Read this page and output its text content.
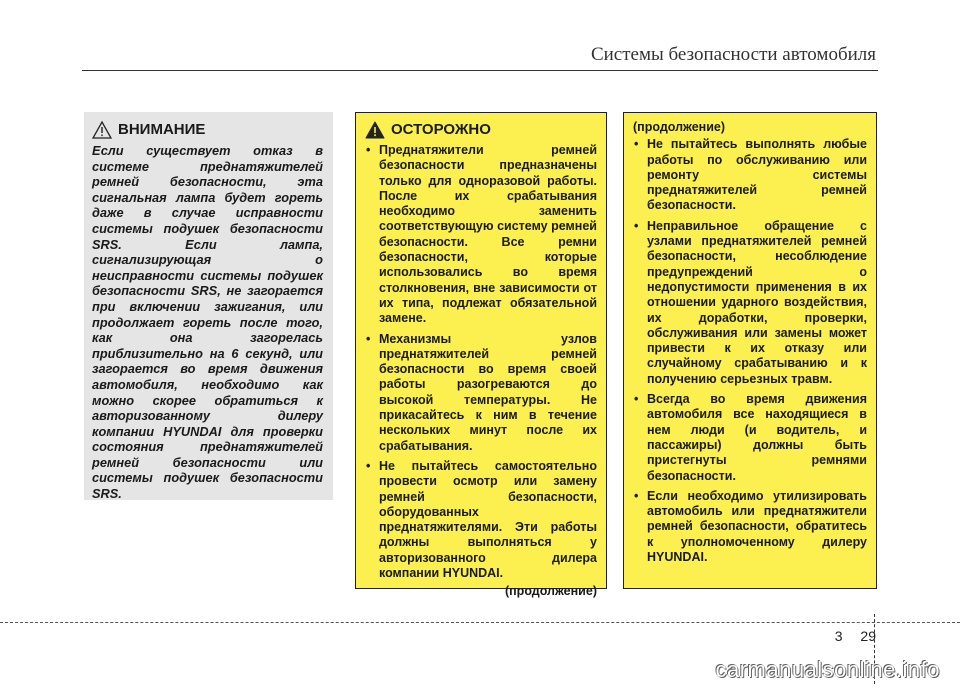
Системы безопасности автомобиля
ВНИМАНИЕ
Если существует отказ в системе преднатяжителей ремней безопасности, эта сигнальная лампа будет гореть даже в случае исправности системы подушек безопасности SRS. Если лампа, сигнализирующая о неисправности системы подушек безопасности SRS, не загорается при включении зажигания, или продолжает гореть после того, как она загорелась приблизительно на 6 секунд, или загорается во время движения автомобиля, необходимо как можно скорее обратиться к авторизованному дилеру компании HYUNDAI для проверки состояния преднатяжителей ремней безопасности или системы подушек безопасности SRS.
ОСТОРОЖНО
• Преднатяжители ремней безопасности предназначены только для одноразовой работы. После их срабатывания необходимо заменить соответствующую систему ремней безопасности. Все ремни безопасности, которые использовались во время столкновения, вне зависимости от их типа, подлежат обязательной замене.
• Механизмы узлов преднатяжителей ремней безопасности во время своей работы разогреваются до высокой температуры. Не прикасайтесь к ним в течение нескольких минут после их срабатывания.
• Не пытайтесь самостоятельно провести осмотр или замену ремней безопасности, оборудованных преднатяжителями. Эти работы должны выполняться у авторизованного дилера компании HYUNDAI.
(продолжение)
(продолжение)
• Не пытайтесь выполнять любые работы по обслуживанию или ремонту системы преднатяжителей ремней безопасности.
• Неправильное обращение с узлами преднатяжителей ремней безопасности, несоблюдение предупреждений о недопустимости применения в их отношении ударного воздействия, их доработки, проверки, обслуживания или замены может привести к их отказу или случайному срабатыванию и к получению серьезных травм.
• Всегда во время движения автомобиля все находящиеся в нем люди (и водитель, и пассажиры) должны быть пристегнуты ремнями безопасности.
• Если необходимо утилизировать автомобиль или преднатяжители ремней безопасности, обратитесь к уполномоченному дилеру HYUNDAI.
3 29
carmanualsonline.info
